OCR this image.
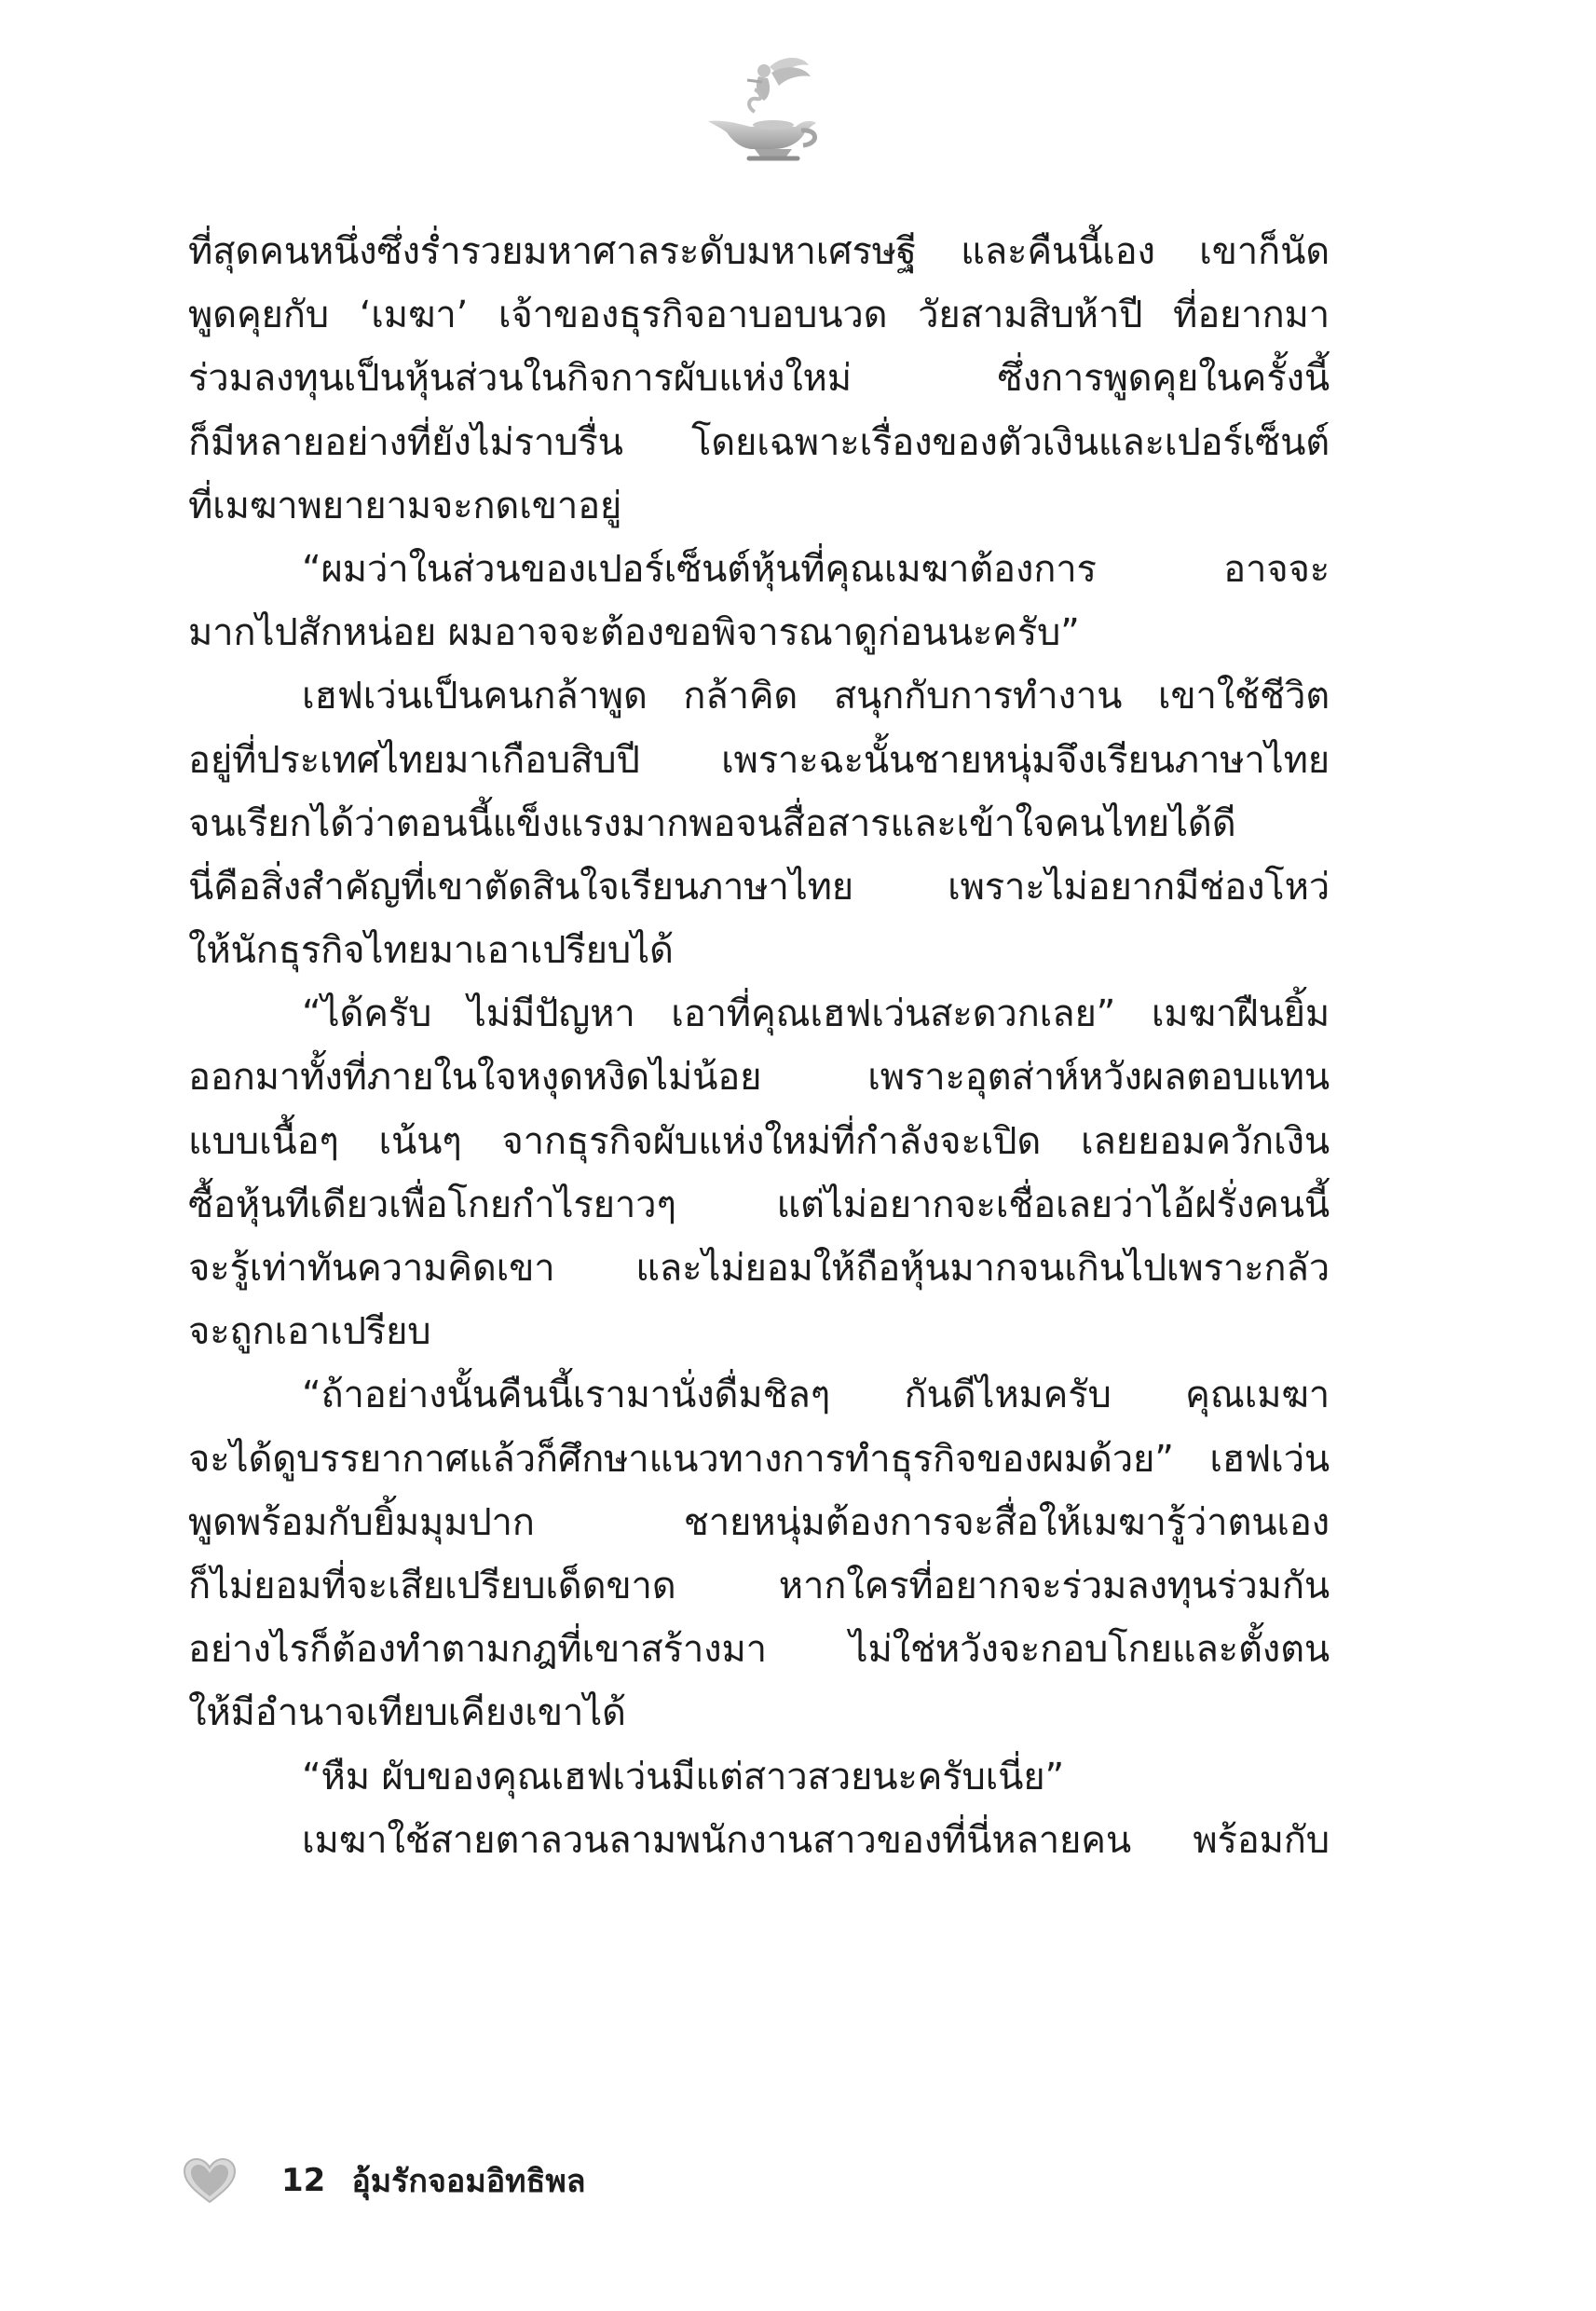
ที่สุดคนหนึ่งซึ่งร่ำรวยมหาศาลระดับมหาเศรษฐี และคืนนี้เอง เขาก็นัด
พูดคุยกับ ‘เมฆา’ เจ้าของธุรกิจอาบอบนวด วัยสามสิบห้าปี ที่อยากมา
ร่วมลงทุนเป็นหุ้นส่วนในกิจการผับแห่งใหม่ ซึ่งการพูดคุยในครั้งนี้
ก็มีหลายอย่างที่ยังไม่ราบรื่น โดยเฉพาะเรื่องของตัวเงินและเปอร์เซ็นต์
ที่เมฆาพยายามจะกดเขาอยู่
“ผมว่าในส่วนของเปอร์เซ็นต์หุ้นที่คุณเมฆาต้องการ อาจจะ
มากไปสักหน่อย ผมอาจจะต้องขอพิจารณาดูก่อนนะครับ”
เฮฟเว่นเป็นคนกล้าพูด กล้าคิด สนุกกับการทำงาน เขาใช้ชีวิต
อยู่ที่ประเทศไทยมาเกือบสิบปี เพราะฉะนั้นชายหนุ่มจึงเรียนภาษาไทย
จนเรียกได้ว่าตอนนี้แข็งแรงมากพอจนสื่อสารและเข้าใจคนไทยได้ดี
นี่คือสิ่งสำคัญที่เขาตัดสินใจเรียนภาษาไทย เพราะไม่อยากมีช่องโหว่
ให้นักธุรกิจไทยมาเอาเปรียบได้
“ได้ครับ ไม่มีปัญหา เอาที่คุณเฮฟเว่นสะดวกเลย” เมฆาฝืนยิ้ม
ออกมาทั้งที่ภายในใจหงุดหงิดไม่น้อย เพราะอุตส่าห์หวังผลตอบแทน
แบบเนื้อๆ เน้นๆ จากธุรกิจผับแห่งใหม่ที่กำลังจะเปิด เลยยอมควักเงิน
ซื้อหุ้นทีเดียวเพื่อโกยกำไรยาวๆ แต่ไม่อยากจะเชื่อเลยว่าไอ้ฝรั่งคนนี้
จะรู้เท่าทันความคิดเขา และไม่ยอมให้ถือหุ้นมากจนเกินไปเพราะกลัว
จะถูกเอาเปรียบ
“ถ้าอย่างนั้นคืนนี้เรามานั่งดื่มชิลๆ กันดีไหมครับ คุณเมฆา
จะได้ดูบรรยากาศแล้วก็ศึกษาแนวทางการทำธุรกิจของผมด้วย” เฮฟเว่น
พูดพร้อมกับยิ้มมุมปาก ชายหนุ่มต้องการจะสื่อให้เมฆารู้ว่าตนเอง
ก็ไม่ยอมที่จะเสียเปรียบเด็ดขาด หากใครที่อยากจะร่วมลงทุนร่วมกัน
อย่างไรก็ต้องทำตามกฎที่เขาสร้างมา ไม่ใช่หวังจะกอบโกยและตั้งตน
ให้มีอำนาจเทียบเคียงเขาได้
“หืม ผับของคุณเฮฟเว่นมีแต่สาวสวยนะครับเนี่ย”
เมฆาใช้สายตาลวนลามพนักงานสาวของที่นี่หลายคน พร้อมกับ
12 อุ้มรักจอมอิทธิพล
